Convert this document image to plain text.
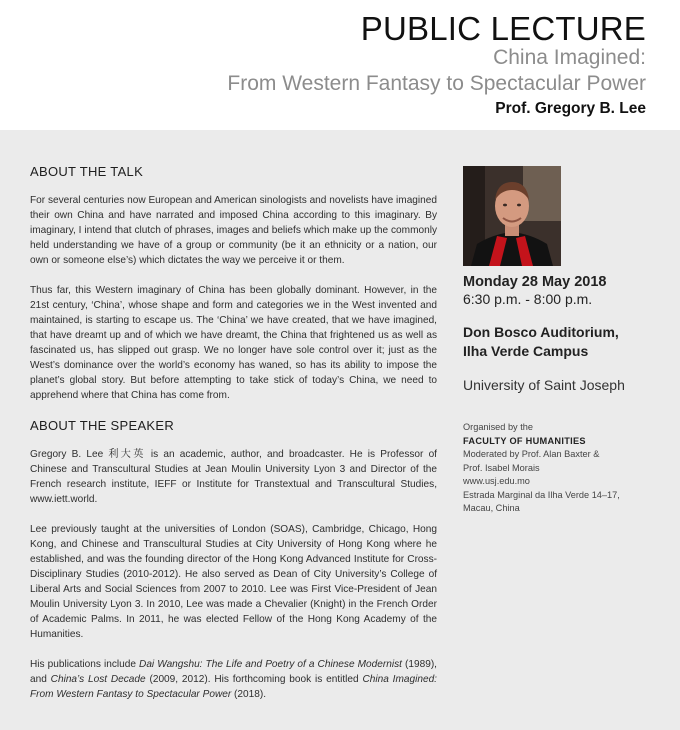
PUBLIC LECTURE
China Imagined:
From Western Fantasy to Spectacular Power
Prof. Gregory B. Lee
ABOUT THE TALK

For several centuries now European and American sinologists and novelists have imagined their own China and have narrated and imposed China according to this imaginary. By imaginary, I intend that clutch of phrases, images and beliefs which make up the commonly held understanding we have of a group or community (be it an ethnicity or a nation, our own or someone else’s) which dictates the way we perceive it or them.

Thus far, this Western imaginary of China has been globally dominant. However, in the 21st century, ‘China’, whose shape and form and categories we in the West invented and maintained, is starting to escape us. The ‘China’ we have created, that we have imagined, that have dreamt up and of which we have dreamt, the China that frightened us as well as fascinated us, has slipped out grasp. We no longer have sole control over it; just as the West’s dominance over the world’s economy has waned, so has its ability to impose the planet’s global story. But before attempting to take stick of today’s China, we need to apprehend where that China has come from.

ABOUT THE SPEAKER

Gregory B. Lee 利大英 is an academic, author, and broadcaster. He is Professor of Chinese and Transcultural Studies at Jean Moulin University Lyon 3 and Director of the French research institute, IEFF or Institute for Transtextual and Transcultural Studies, www.iett.world.

Lee previously taught at the universities of London (SOAS), Cambridge, Chicago, Hong Kong, and Chinese and Transcultural Studies at City University of Hong Kong where he established, and was the founding director of the Hong Kong Advanced Institute for Cross-Disciplinary Studies (2010-2012). He also served as Dean of City University’s College of Liberal Arts and Social Sciences from 2007 to 2010. Lee was First Vice-President of Jean Moulin University Lyon 3. In 2010, Lee was made a Chevalier (Knight) in the French Order of Academic Palms. In 2011, he was elected Fellow of the Hong Kong Academy of the Humanities.

His publications include Dai Wangshu: The Life and Poetry of a Chinese Modernist (1989), and China’s Lost Decade (2009, 2012). His forthcoming book is entitled China Imagined: From Western Fantasy to Spectacular Power (2018).

Monday 28 May 2018
6:30 p.m. - 8:00 p.m.
Don Bosco Auditorium,
Ilha Verde Campus
University of Saint Joseph
Organised by the
FACULTY OF HUMANITIES
Moderated by Prof. Alan Baxter &
Prof. Isabel Morais
www.usj.edu.mo
Estrada Marginal da Ilha Verde 14–17,
Macau, China
